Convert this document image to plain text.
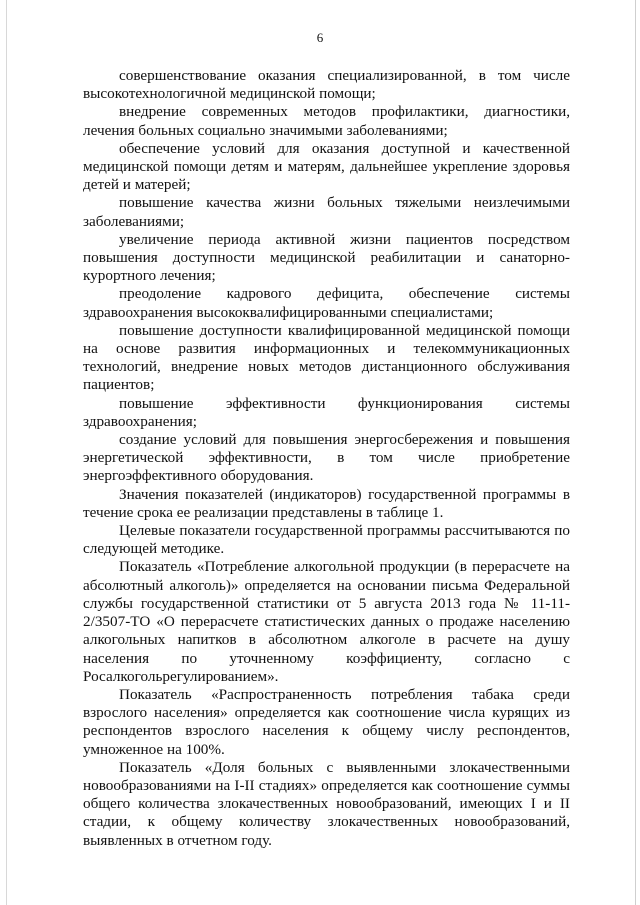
6

совершенствование оказания специализированной, в том числе высокотехнологичной медицинской помощи;

внедрение современных методов профилактики, диагностики, лечения больных социально значимыми заболеваниями;

обеспечение условий для оказания доступной и качественной медицинской помощи детям и матерям, дальнейшее укрепление здоровья детей и матерей;

повышение качества жизни больных тяжелыми неизлечимыми заболеваниями;

увеличение периода активной жизни пациентов посредством повышения доступности медицинской реабилитации и санаторно-курортного лечения;

преодоление кадрового дефицита, обеспечение системы здравоохранения высококвалифицированными специалистами;

повышение доступности квалифицированной медицинской помощи на основе развития информационных и телекоммуникационных технологий, внедрение новых методов дистанционного обслуживания пациентов;

повышение эффективности функционирования системы здравоохранения;

создание условий для повышения энергосбережения и повышения энергетической эффективности, в том числе приобретение энергоэффективного оборудования.

Значения показателей (индикаторов) государственной программы в течение срока ее реализации представлены в таблице 1.

Целевые показатели государственной программы рассчитываются по следующей методике.

Показатель «Потребление алкогольной продукции (в перерасчете на абсолютный алкоголь)» определяется на основании письма Федеральной службы государственной статистики от 5 августа 2013 года № 11-11-2/3507-ТО «О перерасчете статистических данных о продаже населению алкогольных напитков в абсолютном алкоголе в расчете на душу населения по уточненному коэффициенту, согласно с Росалкогольрегулированием».

Показатель «Распространенность потребления табака среди взрослого населения» определяется как соотношение числа курящих из респондентов взрослого населения к общему числу респондентов, умноженное на 100%.

Показатель «Доля больных с выявленными злокачественными новообразованиями на I-II стадиях» определяется как соотношение суммы общего количества злокачественных новообразований, имеющих I и II стадии, к общему количеству злокачественных новообразований, выявленных в отчетном году.
